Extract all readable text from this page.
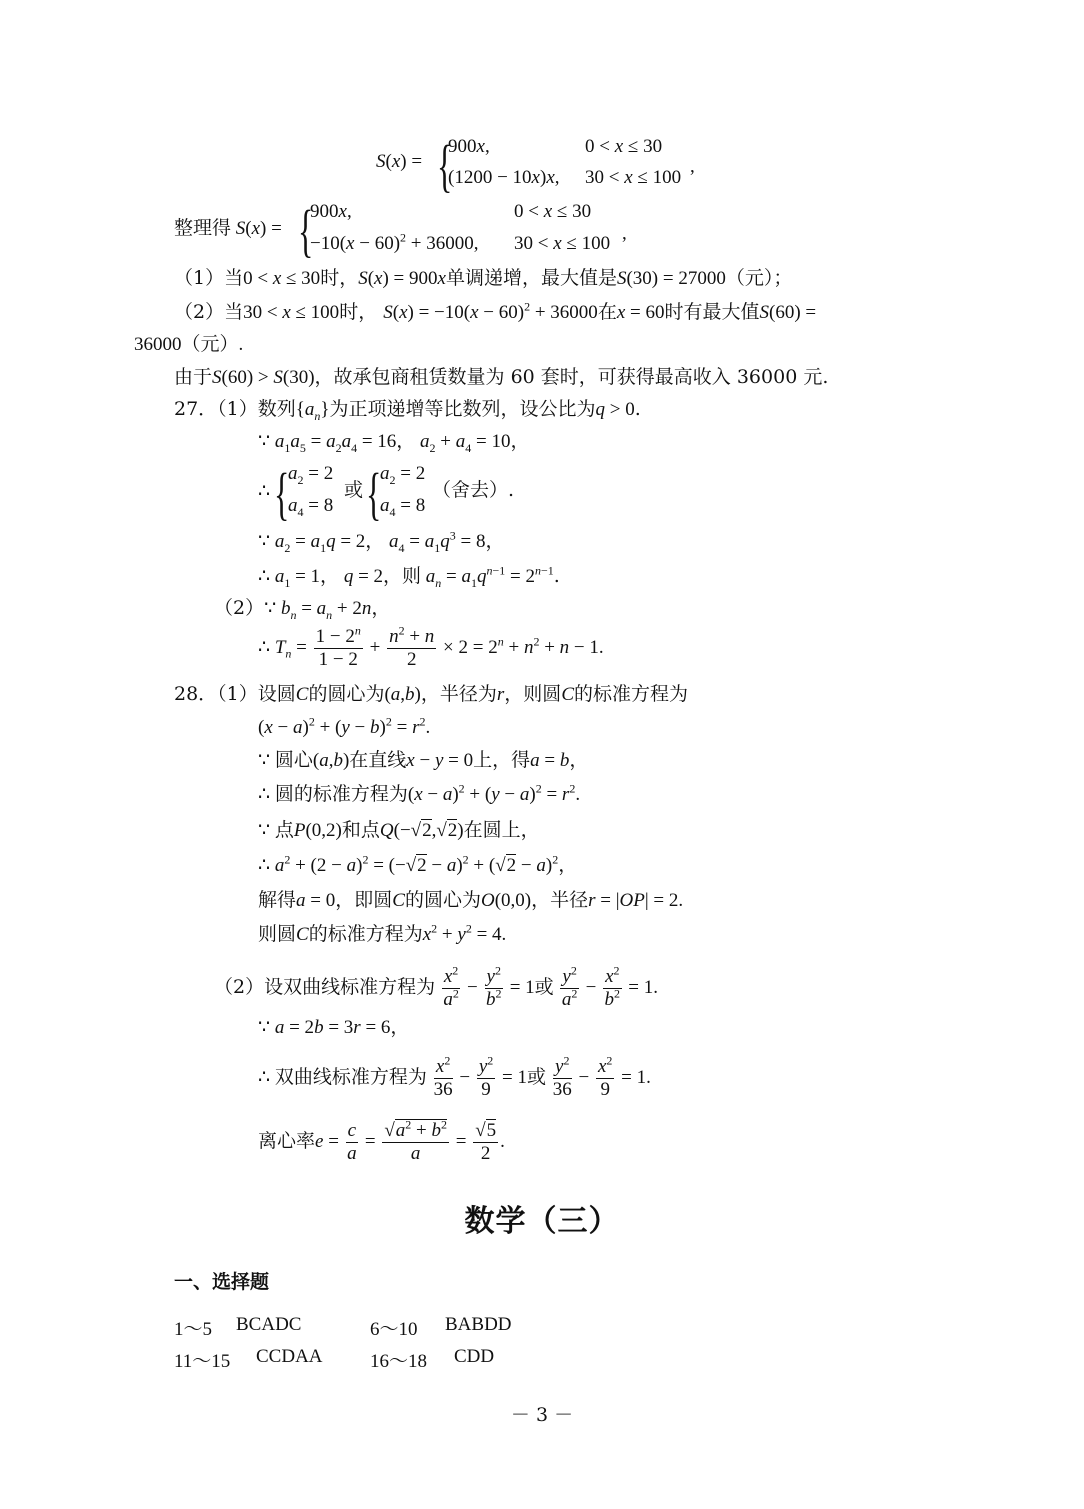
S(x) = {
900x,	0 < x ≤ 30
(1200 − 10x)x, 30 < x ≤ 100
,
整理得 S(x) = {
900x,	0 < x ≤ 30
$-10(x - 60)^2 + 36000$, 30 < x ≤ 100 ,
（1）当0 < x ≤ 30时，S(x) = 900x单调递增，最大值是S(30) = 27000（元）；
（2）当30 < x ≤ 100时， $S(x) = -10(x - 60)^2 + 36000$在x = 60时有最大值S(60) =
36000（元）.
由于S(60) > S(30)，故承包商租赁数量为 60 套时，可获得最高收入 36000 元.
27．（1）数列$\{a_n\}$为正项递增等比数列，设公比为q > 0.
∵ $a_1a_5 = a_2a_4 = 16$， $a_2 + a_4 = 10$，
∴ {
$a_2 = 2$
$a_4 = 8$
或 {
$a_2 = 2$
$a_4 = 8$
（舍去）.
∵ $a_2 = a_1q = 2$， $a_4 = a_1q^3 = 8$，
∴ $a_1 = 1$， q = 2，则 $a_n = a_1q^{n-1} = 2^{n-1}$.
（2）∵ $b_n = a_n + 2n$，
∴ $T_n = \frac{1 - 2^n}{1 - 2} + \frac{n^2 + n}{2} \times 2 = 2^n + n^2 + n - 1$.
28．（1）设圆C的圆心为(a,b)，半径为r，则圆C的标准方程为
$(x - a)^2 + (y - b)^2 = r^2$.
∵ 圆心(a,b)在直线x − y = 0上，得a = b，
∴ 圆的标准方程为$(x - a)^2 + (y - a)^2 = r^2$.
∵ 点P(0,2)和点Q(−√2,√2)在圆上，
∴ $a^2 + (2 - a)^2 = (-√2 - a)^2 + (√2 - a)^2$，
解得a = 0，即圆C的圆心为O(0,0)，半径r = |OP| = 2.
则圆C的标准方程为$x^2 + y^2 = 4$.
（2）设双曲线标准方程为 $\frac{x^2}{a^2} - \frac{y^2}{b^2} = 1$或 $\frac{y^2}{a^2} - \frac{x^2}{b^2} = 1$.
∵ a = 2b = 3r = 6，
∴ 双曲线标准方程为 $\frac{x^2}{36} - \frac{y^2}{9} = 1$或 $\frac{y^2}{36} - \frac{x^2}{9} = 1$.
离心率$e = \frac{c}{a} = \frac{√a^2 + b^2}{a} = \frac{√5}{2}$ .
数学（三）
一、选择题
1～5 BCADC	6～10 BABDD
11～15 CCDAA 16～18 CDD
－ 3 －
